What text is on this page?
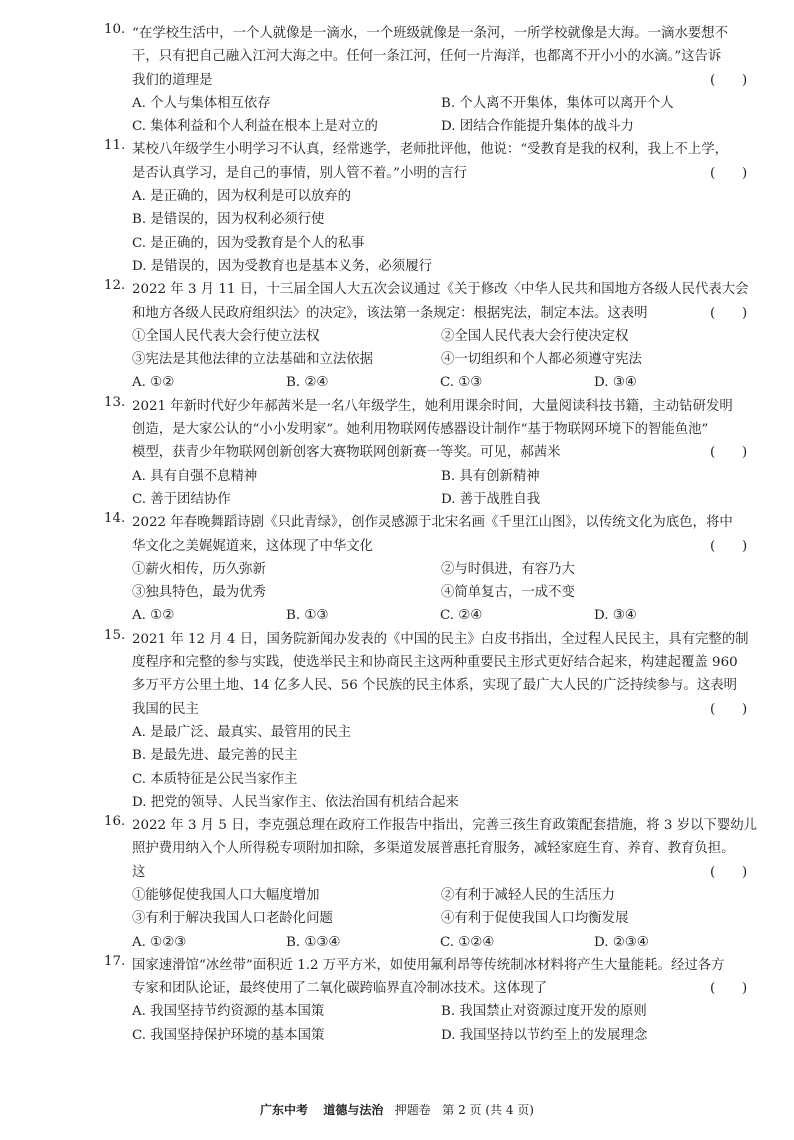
10. “在学校生活中，一个人就像是一滴水，一个班级就像是一条河，一所学校就像是大海。一滴水要想不
干，只有把自己融入江河大海之中。任何一条江河，任何一片海洋，也都离不开小小的水滴。”这告诉
我们的道理是	(　　)
A. 个人与集体相互依存	B. 个人离不开集体，集体可以离开个人
C. 集体利益和个人利益在根本上是对立的	D. 团结合作能提升集体的战斗力
11. 某校八年级学生小明学习不认真，经常逃学，老师批评他，他说：“受教育是我的权利，我上不上学，
是否认真学习，是自己的事情，别人管不着。”小明的言行	(　　)
A. 是正确的，因为权利是可以放弃的
B. 是错误的，因为权利必须行使
C. 是正确的，因为受教育是个人的私事
D. 是错误的，因为受教育也是基本义务，必须履行
12. 2022 年 3 月 11 日，十三届全国人大五次会议通过《关于修改〈中华人民共和国地方各级人民代表大会
和地方各级人民政府组织法〉的决定》，该法第一条规定：根据宪法，制定本法。这表明	(　　)
①全国人民代表大会行使立法权	②全国人民代表大会行使决定权
③宪法是其他法律的立法基础和立法依据	④一切组织和个人都必须遵守宪法
A. ①②	B. ②④	C. ①③	D. ③④
13. 2021 年新时代好少年郝茜米是一名八年级学生，她利用课余时间，大量阅读科技书籍，主动钻研发明
创造，是大家公认的“小小发明家”。她利用物联网传感器设计制作“基于物联网环境下的智能鱼池”
模型，获青少年物联网创新创客大赛物联网创新赛一等奖。可见，郝茜米	(　　)
A. 具有自强不息精神	B. 具有创新精神
C. 善于团结协作	D. 善于战胜自我
14. 2022 年春晚舞蹈诗剧《只此青绿》，创作灵感源于北宋名画《千里江山图》，以传统文化为底色，将中
华文化之美娓娓道来，这体现了中华文化	(　　)
①薪火相传，历久弥新	②与时俱进，有容乃大
③独具特色，最为优秀	④简单复古，一成不变
A. ①②	B. ①③	C. ②④	D. ③④
15. 2021 年 12 月 4 日，国务院新闻办发表的《中国的民主》白皮书指出，全过程人民民主，具有完整的制
度程序和完整的参与实践，使选举民主和协商民主这两种重要民主形式更好结合起来，构建起覆盖 960
多万平方公里土地、14 亿多人民、56 个民族的民主体系，实现了最广大人民的广泛持续参与。这表明
我国的民主	(　　)
A. 是最广泛、最真实、最管用的民主
B. 是最先进、最完善的民主
C. 本质特征是公民当家作主
D. 把党的领导、人民当家作主、依法治国有机结合起来
16. 2022 年 3 月 5 日，李克强总理在政府工作报告中指出，完善三孩生育政策配套措施，将 3 岁以下婴幼儿
照护费用纳入个人所得税专项附加扣除，多渠道发展普惠托育服务，减轻家庭生育、养育、教育负担。
这	(　　)
①能够促使我国人口大幅度增加	②有利于减轻人民的生活压力
③有利于解决我国人口老龄化问题	④有利于促使我国人口均衡发展
A. ①②③	B. ①③④	C. ①②④	D. ②③④
17. 国家速滑馆“冰丝带”面积近 1.2 万平方米，如使用氟利昂等传统制冰材料将产生大量能耗。经过各方
专家和团队论证，最终使用了二氧化碳跨临界直冷制冰技术。这体现了	(　　)
A. 我国坚持节约资源的基本国策	B. 我国禁止对资源过度开发的原则
C. 我国坚持保护环境的基本国策	D. 我国坚持以节约至上的发展理念
广东中考 道德与法治 押题卷 第 2 页 (共 4 页)
